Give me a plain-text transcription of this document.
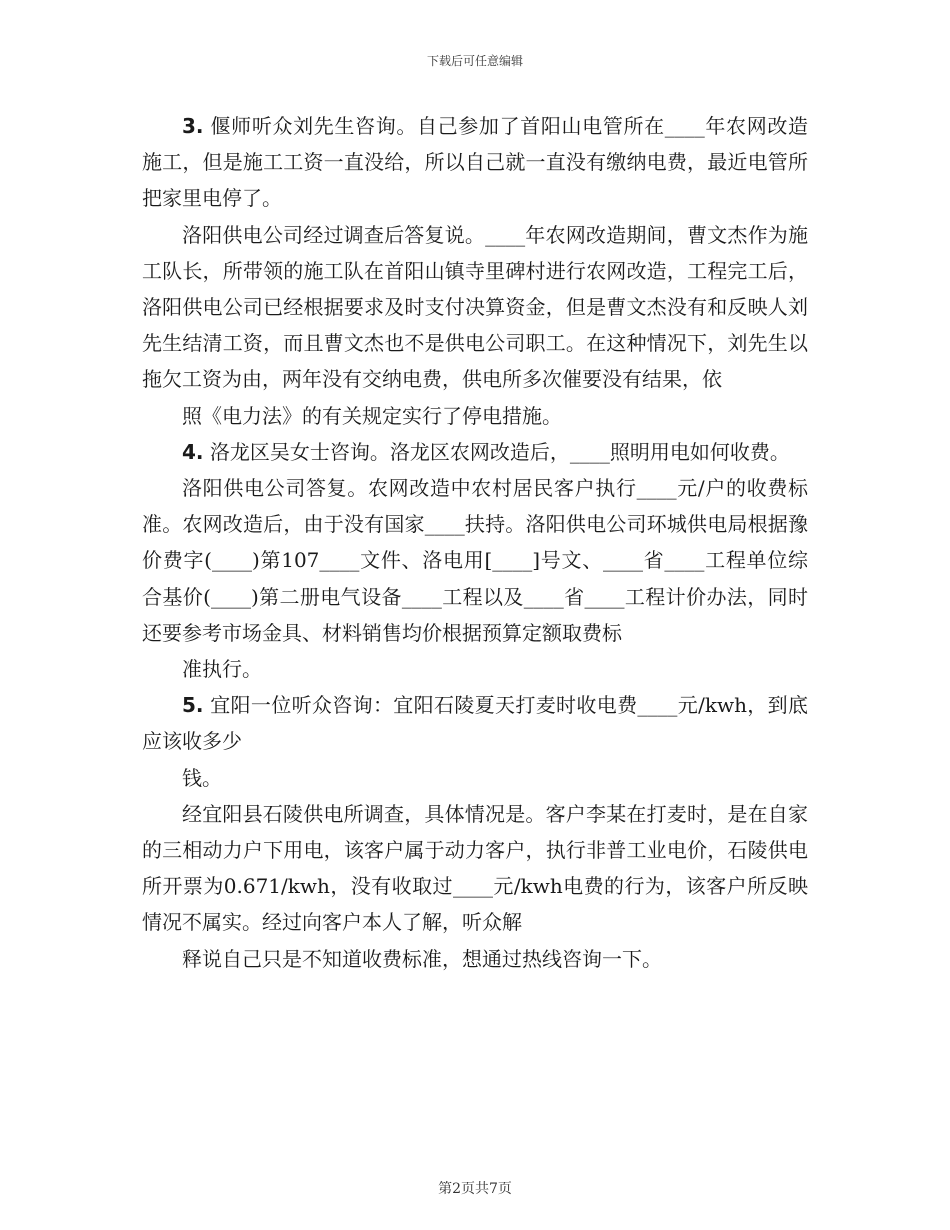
下载后可任意编辑

3. 偃师听众刘先生咨询。自己参加了首阳山电管所在____年农网改造施工，但是施工工资一直没给，所以自己就一直没有缴纳电费，最近电管所把家里电停了。

洛阳供电公司经过调查后答复说。____年农网改造期间，曹文杰作为施工队长，所带领的施工队在首阳山镇寺里碑村进行农网改造，工程完工后，洛阳供电公司已经根据要求及时支付决算资金，但是曹文杰没有和反映人刘先生结清工资，而且曹文杰也不是供电公司职工。在这种情况下，刘先生以拖欠工资为由，两年没有交纳电费，供电所多次催要没有结果，依

照《电力法》的有关规定实行了停电措施。

4. 洛龙区吴女士咨询。洛龙区农网改造后，____照明用电如何收费。

洛阳供电公司答复。农网改造中农村居民客户执行____元/户的收费标准。农网改造后，由于没有国家____扶持。洛阳供电公司环城供电局根据豫价费字(____)第107____文件、洛电用[____]号文、____省____工程单位综合基价(____)第二册电气设备____工程以及____省____工程计价办法，同时还要参考市场金具、材料销售均价根据预算定额取费标

准执行。

5. 宜阳一位听众咨询：宜阳石陵夏天打麦时收电费____元/kwh，到底应该收多少

钱。

经宜阳县石陵供电所调查，具体情况是。客户李某在打麦时，是在自家的三相动力户下用电，该客户属于动力客户，执行非普工业电价，石陵供电所开票为0.671/kwh，没有收取过____元/kwh电费的行为，该客户所反映情况不属实。经过向客户本人了解，听众解

释说自己只是不知道收费标准，想通过热线咨询一下。

第2页共7页
